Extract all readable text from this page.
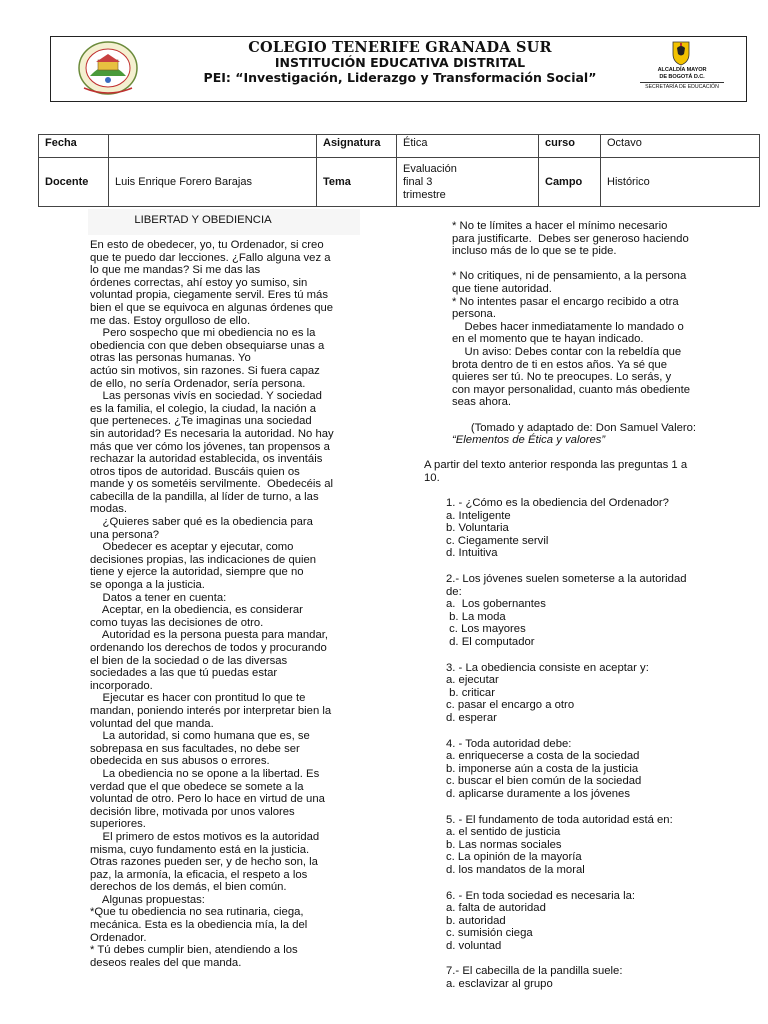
COLEGIO TENERIFE GRANADA SUR
INSTITUCIÓN EDUCATIVA DISTRITAL
PEI: “Investigación, Liderazgo y Transformación Social”	ALCALDÍA MAYOR
DE BOGOTÁ D.C.
SECRETARÍA DE EDUCACIÓN
Fecha		Asignatura	Ética	curso	Octavo
Docente	Luis Enrique Forero Barajas	Tema	Evaluación
final 3
trimestre	Campo	Histórico
LIBERTAD Y OBEDIENCIA
En esto de obedecer, yo, tu Ordenador, si creo
que te puedo dar lecciones. ¿Fallo alguna vez a
lo que me mandas? Si me das las
órdenes correctas, ahí estoy yo sumiso, sin
voluntad propia, ciegamente servil. Eres tú más
bien el que se equivoca en algunas órdenes que
me das. Estoy orgulloso de ello.
Pero sospecho que mi obediencia no es la
obediencia con que deben obsequiarse unas a
otras las personas humanas. Yo
actúo sin motivos, sin razones. Si fuera capaz
de ello, no sería Ordenador, sería persona.
Las personas vivís en sociedad. Y sociedad
es la familia, el colegio, la ciudad, la nación a
que perteneces. ¿Te imaginas una sociedad
sin autoridad? Es necesaria la autoridad. No hay
más que ver cómo los jóvenes, tan propensos a
rechazar la autoridad establecida, os inventáis
otros tipos de autoridad. Buscáis quien os
mande y os sometéis servilmente.  Obedecéis al
cabecilla de la pandilla, al líder de turno, a las
modas.
¿Quieres saber qué es la obediencia para
una persona?
Obedecer es aceptar y ejecutar, como
decisiones propias, las indicaciones de quien
tiene y ejerce la autoridad, siempre que no
se oponga a la justicia.
Datos a tener en cuenta:
Aceptar, en la obediencia, es considerar
como tuyas las decisiones de otro.
Autoridad es la persona puesta para mandar,
ordenando los derechos de todos y procurando
el bien de la sociedad o de las diversas
sociedades a las que tú puedas estar
incorporado.
Ejecutar es hacer con prontitud lo que te
mandan, poniendo interés por interpretar bien la
voluntad del que manda.
La autoridad, si como humana que es, se
sobrepasa en sus facultades, no debe ser
obedecida en sus abusos o errores.
La obediencia no se opone a la libertad. Es
verdad que el que obedece se somete a la
voluntad de otro. Pero lo hace en virtud de una
decisión libre, motivada por unos valores
superiores.
El primero de estos motivos es la autoridad
misma, cuyo fundamento está en la justicia.
Otras razones pueden ser, y de hecho son, la
paz, la armonía, la eficacia, el respeto a los
derechos de los demás, el bien común.
Algunas propuestas:
*Que tu obediencia no sea rutinaria, ciega,
mecánica. Esta es la obediencia mía, la del
Ordenador.
* Tú debes cumplir bien, atendiendo a los
deseos reales del que manda.
* No te límites a hacer el mínimo necesario
para justificarte.  Debes ser generoso haciendo
incluso más de lo que se te pide.
* No critiques, ni de pensamiento, a la persona
que tiene autoridad.
* No intentes pasar el encargo recibido a otra
persona.
Debes hacer inmediatamente lo mandado o
en el momento que te hayan indicado.
Un aviso: Debes contar con la rebeldía que
brota dentro de ti en estos años. Ya sé que
quieres ser tú. No te preocupes. Lo serás, y
con mayor personalidad, cuanto más obediente
seas ahora.
(Tomado y adaptado de: Don Samuel Valero:
“Elementos de Ética y valores”
A partir del texto anterior responda las preguntas 1 a
10.
1. - ¿Cómo es la obediencia del Ordenador?
a. Inteligente
b. Voluntaria
c. Ciegamente servil
d. Intuitiva
2.- Los jóvenes suelen someterse a la autoridad
de:
a.  Los gobernantes
b. La moda
c. Los mayores
d. El computador
3. - La obediencia consiste en aceptar y:
a. ejecutar
b. criticar
c. pasar el encargo a otro
d. esperar
4. - Toda autoridad debe:
a. enriquecerse a costa de la sociedad
b. imponerse aún a costa de la justicia
c. buscar el bien común de la sociedad
d. aplicarse duramente a los jóvenes
5. - El fundamento de toda autoridad está en:
a. el sentido de justicia
b. Las normas sociales
c. La opinión de la mayoría
d. los mandatos de la moral
6. - En toda sociedad es necesaria la:
a. falta de autoridad
b. autoridad
c. sumisión ciega
d. voluntad
7.- El cabecilla de la pandilla suele:
a. esclavizar al grupo
